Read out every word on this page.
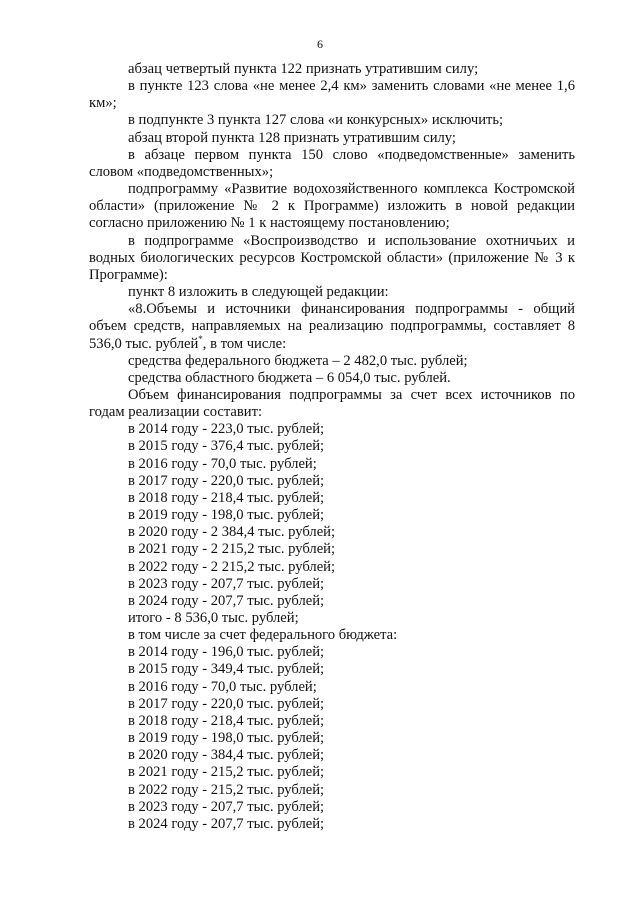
6

абзац четвертый пункта 122 признать утратившим силу;

в пункте 123 слова «не менее 2,4 км» заменить словами «не менее 1,6 км»;

в подпункте 3 пункта 127 слова «и конкурсных» исключить;

абзац второй пункта 128 признать утратившим силу;

в абзаце первом пункта 150 слово «подведомственные» заменить словом «подведомственных»;

подпрограмму «Развитие водохозяйственного комплекса Костромской области» (приложение № 2 к Программе) изложить в новой редакции согласно приложению № 1 к настоящему постановлению;

в подпрограмме «Воспроизводство и использование охотничьих и водных биологических ресурсов Костромской области» (приложение № 3 к Программе):

пункт 8 изложить в следующей редакции:

«8.Объемы и источники финансирования подпрограммы - общий объем средств, направляемых на реализацию подпрограммы, составляет 8 536,0 тыс. рублей*, в том числе:

средства федерального бюджета – 2 482,0 тыс. рублей;

средства областного бюджета – 6 054,0 тыс. рублей.

Объем финансирования подпрограммы за счет всех источников по годам реализации составит:

в 2014 году - 223,0 тыс. рублей;
в 2015 году - 376,4 тыс. рублей;
в 2016 году - 70,0 тыс. рублей;
в 2017 году - 220,0 тыс. рублей;
в 2018 году - 218,4 тыс. рублей;
в 2019 году - 198,0 тыс. рублей;
в 2020 году - 2 384,4 тыс. рублей;
в 2021 году - 2 215,2 тыс. рублей;
в 2022 году - 2 215,2 тыс. рублей;
в 2023 году - 207,7 тыс. рублей;
в 2024 году - 207,7 тыс. рублей;
итого - 8 536,0 тыс. рублей;
в том числе за счет федерального бюджета:
в 2014 году - 196,0 тыс. рублей;
в 2015 году - 349,4 тыс. рублей;
в 2016 году - 70,0 тыс. рублей;
в 2017 году - 220,0 тыс. рублей;
в 2018 году - 218,4 тыс. рублей;
в 2019 году - 198,0 тыс. рублей;
в 2020 году - 384,4 тыс. рублей;
в 2021 году - 215,2 тыс. рублей;
в 2022 году - 215,2 тыс. рублей;
в 2023 году - 207,7 тыс. рублей;
в 2024 году - 207,7 тыс. рублей;
